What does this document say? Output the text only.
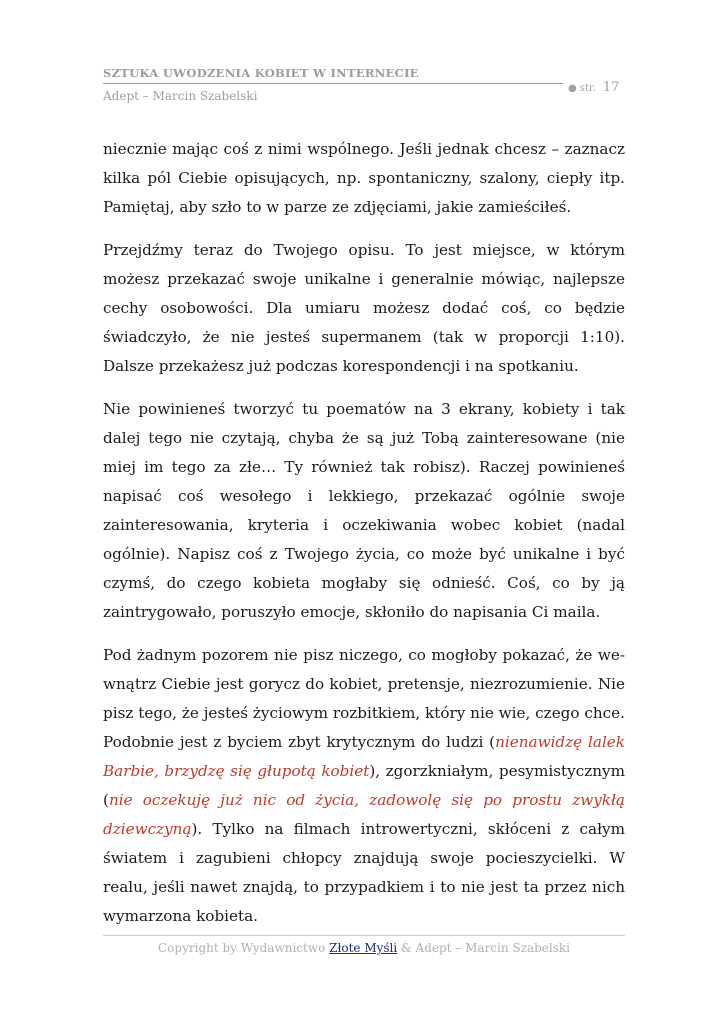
SZTUKA UWODZENIA KOBIET W INTERNECIE
Adept – Marcin Szabelski
● str. 17

niecznie mając coś z nimi wspólnego. Jeśli jednak chcesz – zaznacz kilka pól Ciebie opisujących, np. spontaniczny, szalony, ciepły itp. Pamiętaj, aby szło to w parze ze zdjęciami, jakie zamieściłeś.

Przejdźmy teraz do Twojego opisu. To jest miejsce, w którym możesz przekazać swoje unikalne i generalnie mówiąc, najlepsze cechy osobowości. Dla umiaru możesz dodać coś, co będzie świadczyło, że nie jesteś supermanem (tak w proporcji 1:10). Dalsze przekażesz już podczas korespondencji i na spotkaniu.

Nie powinieneś tworzyć tu poematów na 3 ekrany, kobiety i tak dalej tego nie czytają, chyba że są już Tobą zainteresowane (nie miej im tego za złe… Ty również tak robisz). Raczej powinieneś napisać coś wesołego i lekkiego, przekazać ogólnie swoje zainteresowania, kryteria i oczekiwania wobec kobiet (nadal ogólnie). Napisz coś z Twojego życia, co może być unikalne i być czymś, do czego kobieta mogłaby się odnieść. Coś, co by ją zaintrygowało, poruszyło emocje, skłoniło do napisania Ci maila.

Pod żadnym pozorem nie pisz niczego, co mogłoby pokazać, że wewnątrz Ciebie jest gorycz do kobiet, pretensje, niezrozumienie. Nie pisz tego, że jesteś życiowym rozbitkiem, który nie wie, czego chce. Podobnie jest z byciem zbyt krytycznym do ludzi (nienawidzę lalek Barbie, brzydzę się głupotą kobiet), zgorzkniałym, pesymistycznym (nie oczekuję już nic od życia, zadowolę się po prostu zwykłą dziewczyną). Tylko na filmach introwertyczni, skłóceni z całym światem i zagubieni chłopcy znajdują swoje pocieszycielki. W realu, jeśli nawet znajdą, to przypadkiem i to nie jest ta przez nich wymarzona kobieta.

Copyright by Wydawnictwo Złote Myśli & Adept – Marcin Szabelski
